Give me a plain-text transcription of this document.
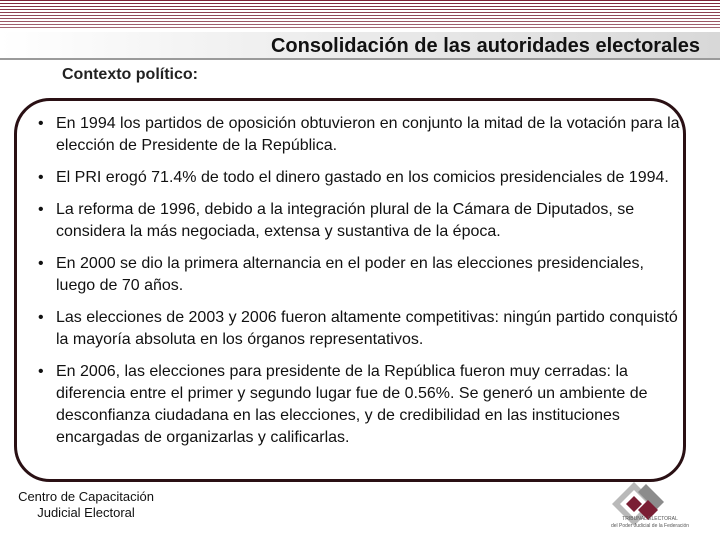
Consolidación de las autoridades electorales
Contexto político:
• En 1994 los partidos de oposición obtuvieron en conjunto la mitad de la votación para la elección de Presidente de la República.
• El PRI erogó 71.4% de todo el dinero gastado en los comicios presidenciales de 1994.
• La reforma de 1996, debido a la integración plural de la Cámara de Diputados, se considera la más negociada, extensa y sustantiva de la época.
• En 2000 se dio la primera alternancia en el poder en las elecciones presidenciales, luego de 70 años.
• Las elecciones de 2003 y 2006 fueron altamente competitivas: ningún partido conquistó la mayoría absoluta en los órganos representativos.
• En 2006, las elecciones para presidente de la República fueron muy cerradas: la diferencia entre el primer y segundo lugar fue de 0.56%. Se generó un ambiente de desconfianza ciudadana en las elecciones, y de credibilidad en las instituciones encargadas de organizarlas y calificarlas.
Centro de Capacitación
Judicial Electoral	TRIBUNAL ELECTORAL
del Poder Judicial de la Federación
